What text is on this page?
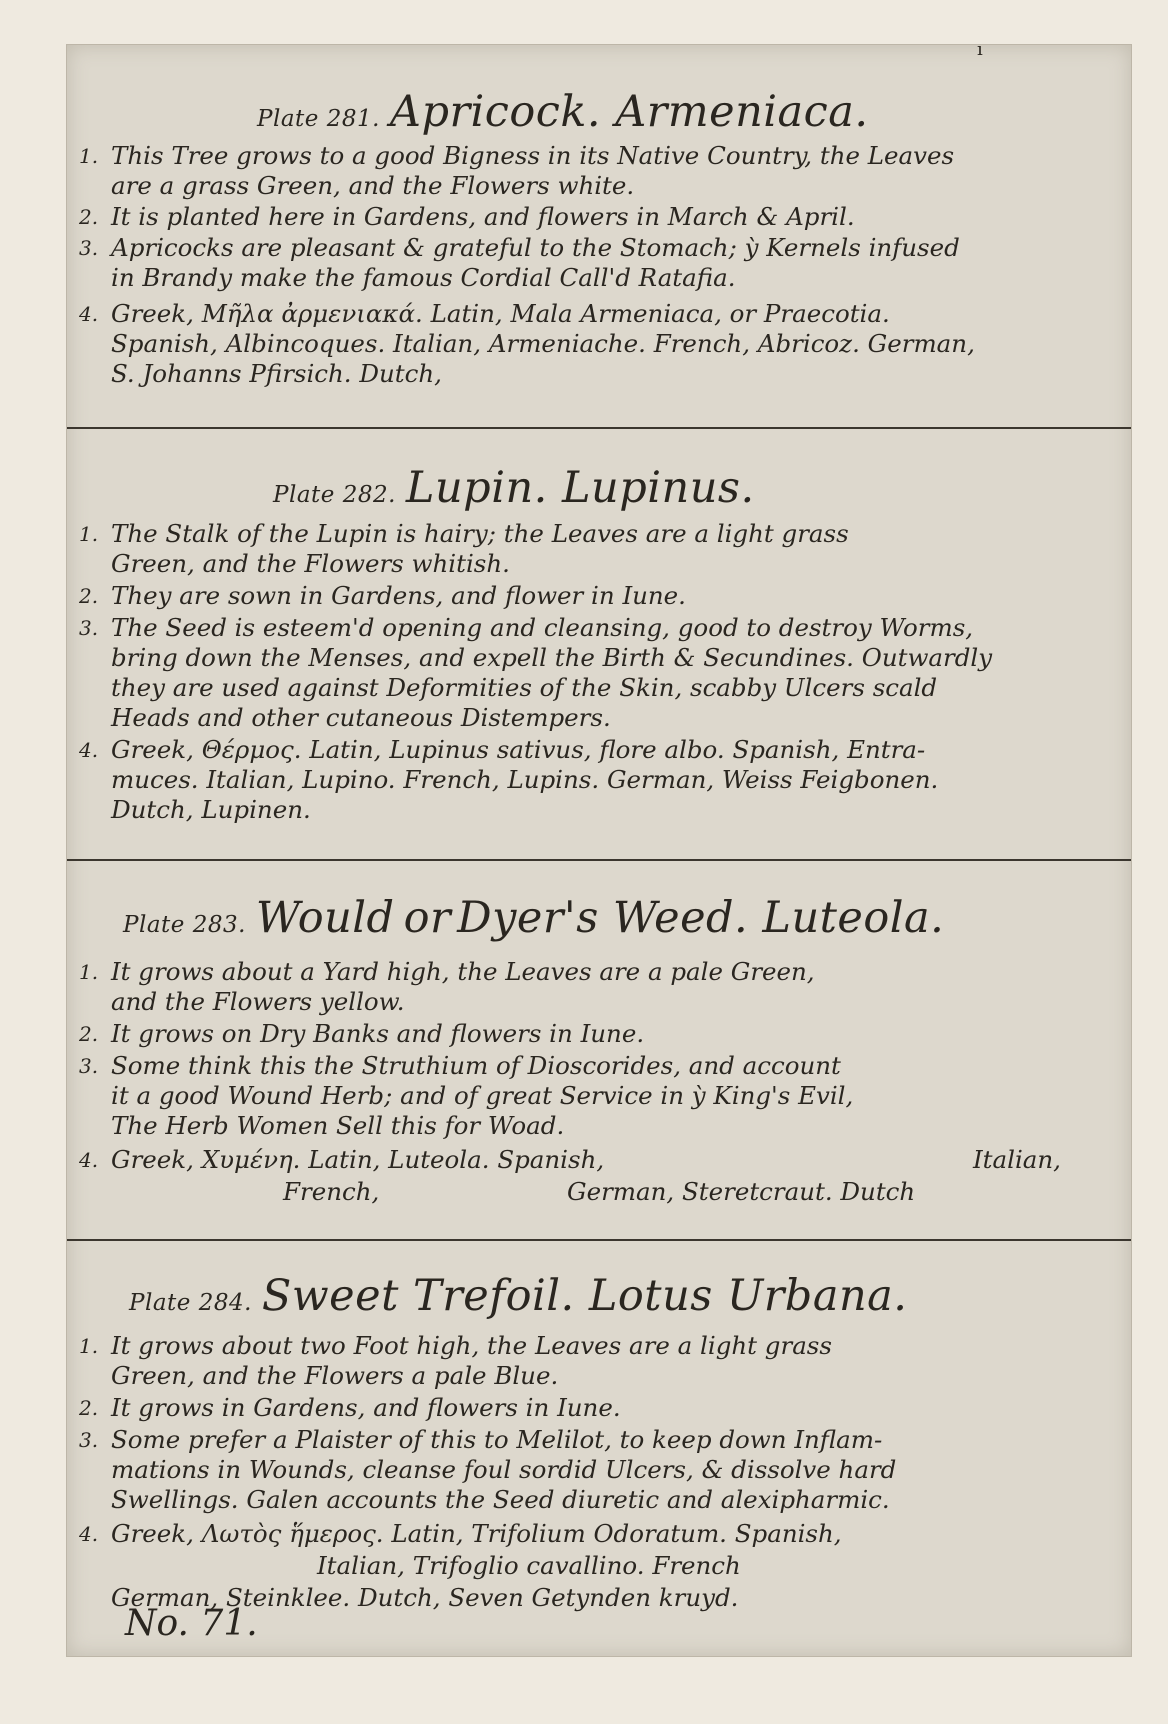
ı
Plate 281. Apricock. Armeniaca.
1. This Tree grows to a good Bigness in its Native Country, the Leaves
are a grass Green, and the Flowers white.
2. It is planted here in Gardens, and flowers in March & April.
3. Apricocks are pleasant & grateful to the Stomach; ỳ Kernels infused
in Brandy make the famous Cordial Call'd Ratafia.
4. Greek, Μῆλα ἀρμενιακά. Latin, Mala Armeniaca, or Praecotia.
Spanish, Albincoques. Italian, Armeniache. French, Abricoz. German,
S. Johanns Pfirsich. Dutch,
Plate 282. Lupin. Lupinus.
1. The Stalk of the Lupin is hairy; the Leaves are a light grass
Green, and the Flowers whitish.
2. They are sown in Gardens, and flower in Iune.
3. The Seed is esteem'd opening and cleansing, good to destroy Worms,
bring down the Menses, and expell the Birth & Secundines. Outwardly
they are used against Deformities of the Skin, scabby Ulcers scald
Heads and other cutaneous Distempers.
4. Greek, Θέρμος. Latin, Lupinus sativus, flore albo. Spanish, Entra-
muces. Italian, Lupino. French, Lupins. German, Weiss Feigbonen.
Dutch, Lupinen.
Plate 283. Would or Dyer's Weed. Luteola.
1. It grows about a Yard high, the Leaves are a pale Green,
and the Flowers yellow.
2. It grows on Dry Banks and flowers in Iune.
3. Some think this the Struthium of Dioscorides, and account
it a good Wound Herb; and of great Service in ỳ King's Evil,
The Herb Women Sell this for Woad.
4. Greek, Χυμένη. Latin, Luteola. Spanish,	Italian,
French,	German, Steretcraut. Dutch
Plate 284. Sweet Trefoil. Lotus Urbana.
1. It grows about two Foot high, the Leaves are a light grass
Green, and the Flowers a pale Blue.
2. It grows in Gardens, and flowers in Iune.
3. Some prefer a Plaister of this to Melilot, to keep down Inflam-
mations in Wounds, cleanse foul sordid Ulcers, & dissolve hard
Swellings. Galen accounts the Seed diuretic and alexipharmic.
4. Greek, Λωτὸς ἥμερος. Latin, Trifolium Odoratum. Spanish,
Italian, Trifoglio cavallino. French
German, Steinklee. Dutch, Seven Getynden kruyd.
No. 71.
